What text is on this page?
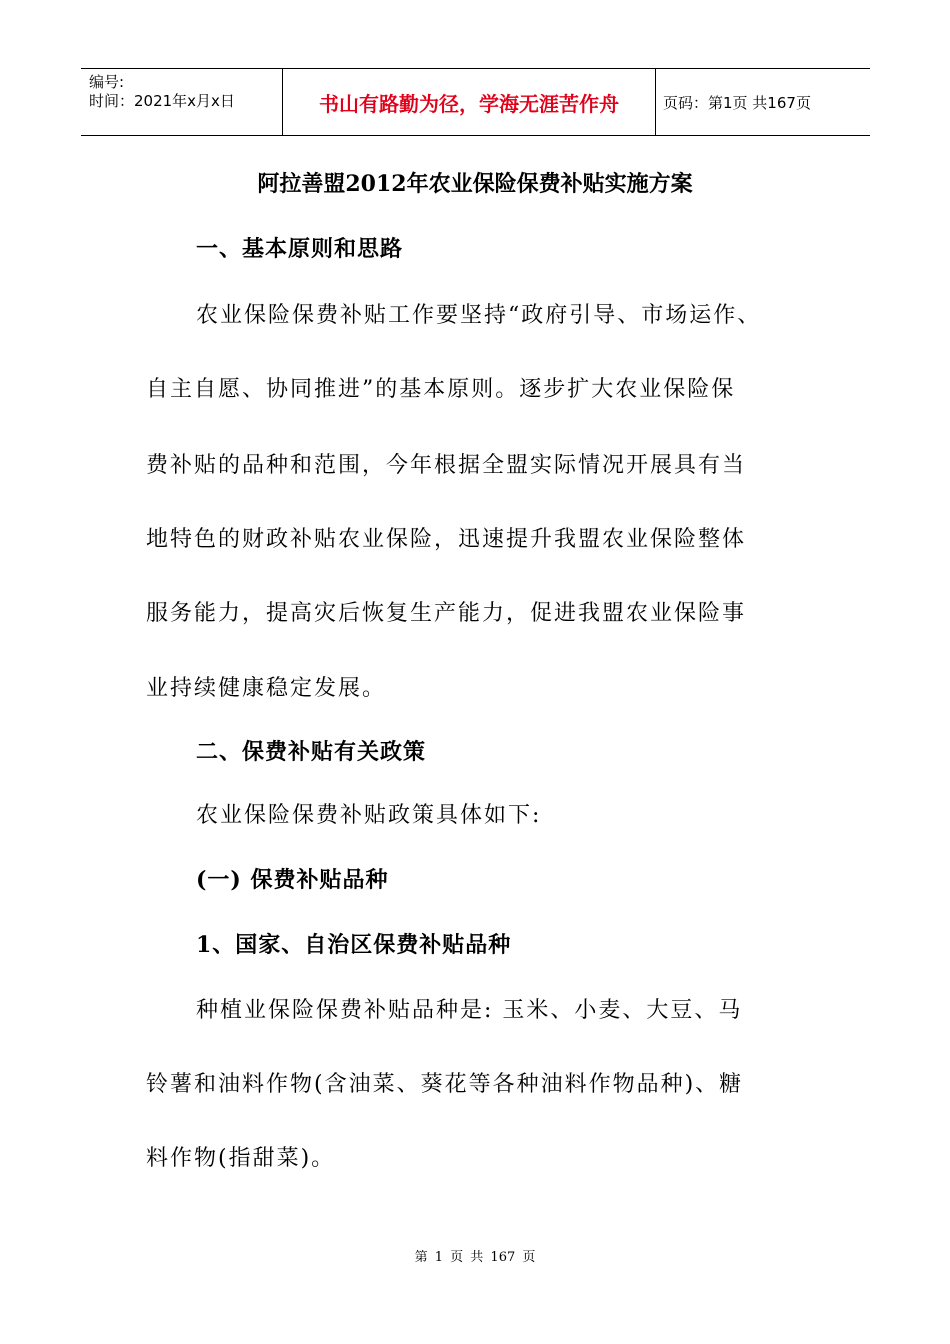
编号:
时间：2021年x月x日	书山有路勤为径，学海无涯苦作舟	页码：第1页 共167页
阿拉善盟2012年农业保险保费补贴实施方案
一、基本原则和思路
农业保险保费补贴工作要坚持“政府引导、市场运作、
自主自愿、协同推进”的基本原则。逐步扩大农业保险保
费补贴的品种和范围，今年根据全盟实际情况开展具有当
地特色的财政补贴农业保险，迅速提升我盟农业保险整体
服务能力，提高灾后恢复生产能力，促进我盟农业保险事
业持续健康稳定发展。
二、保费补贴有关政策
农业保险保费补贴政策具体如下:
(一) 保费补贴品种
1、国家、自治区保费补贴品种
种植业保险保费补贴品种是: 玉米、小麦、大豆、马
铃薯和油料作物(含油菜、葵花等各种油料作物品种)、糖
料作物(指甜菜)。
第 1 页 共 167 页
